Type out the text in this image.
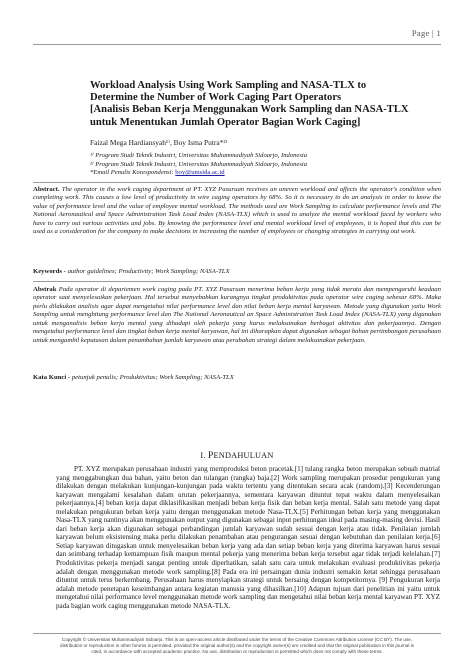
Page | 1
Workload Analysis Using Work Sampling and NASA-TLX to
Determine the Number of Work Caging Part Operators
[Analisis Beban Kerja Menggunakan Work Sampling dan NASA-TLX
untuk Menentukan Jumlah Operator Bagian Work Caging]
Faizal Mega Hardiansyah¹⁾, Boy Isma Putra*²⁾
¹⁾ Program Studi Teknik Industri, Universitas Muhammadiyah Sidoarjo, Indonesia
²⁾ Program Studi Teknik Industri, Universitas Muhammadiyah Sidoarjo, Indonesia
*Email Penulis Korespondensi: boy@umsida.ac.id
Abstract. The operator in the work caging department at PT. XYZ Pasuruan receives an uneven workload and affects the operator's condition when completing work. This causes a low level of productivity in wire caging operators by 68%. So it is necessary to do an analysis in order to know the value of performance level and the value of employee mental workload. The methods used are Work Sampling to calculate performance levels and The National Aeronautical and Space Administration Task Load Index (NASA-TLX) which is used to analyze the mental workload faced by workers who have to carry out various activities and jobs. By knowing the performance level and mental workload level of employees, it is hoped that this can be used as a consideration for the company to make decisions in increasing the number of employees or changing strategies in carrying out work.
Keywords - author guidelines; Productivity; Work Sampling; NASA-TLX
Abstrak Pada operator di departemen work caging pada PT. XYZ Pasuruan menerima beban kerja yang tidak merata dan mempengaruhi keadaan operator saat menyelesaikan pekerjaan. Hal tersebut menyebabkan kurangnya tingkat produktivitas pada operator wire caging sebesar 68%. Maka perlu dilakukan analisis agar dapat mengetahui nilai performance level dan nilai beban kerja mental karyawan. Metode yang digunakan yaitu Work Sampling untuk menghitung performance level dan The National Aeronautical an Space Administration Task Load Index (NASA-TLX) yang digunakan untuk menganalisis beban kerja mental yang dihadapi oleh pekerja yang harus melaksanakan berbagai aktivitas dan pekerjaannya. Dengan mengetahui performance level dan tingkat beban kerja mental karyawan, hal ini diharapkan dapat digunakan sebagai bahan pertimbangan perusahaan untuk mengambil keputusan dalam penambahan jumlah karyawan atau perubahan strategi dalam melaksanakan pekerjaan.
Kata Kunci - petunjuk penulis; Produktivitas; Work Sampling; NASA-TLX
I. PENDAHULUAN

PT. XYZ merupakan perusahaan industri yang memproduksi beton pracetak.[1] tulang rangka beton merupakan sebuah matrial yang menggabungkan dua bahan, yaitu beton dan tulangan (rangka) baja.[2] Work sampling merupakan prosedur pengukuran yang dilakukan dengan melakukan kunjungan-kunjungan pada waktu tertentu yang ditentukan secara acak (random).[3] Kecenderungan karyawan mengalami kesalahan dalam urutan pekerjaannya, sementara karyawan dituntut tepat waktu dalam menyelesaikan pekerjaannya.[4] beban kerja dapat diklasifikasikan menjadi beban kerja fisik dan beban kerja mental. Salah satu metode yang dapat melakukan pengukuran beban kerja yaitu dengan menggunakan metode Nasa-TLX.[5] Perhitungan beban kerja yang menggunakan Nasa-TLX yang nantinya akan menggunakan output yang digunakan sebagai input perhitungan ideal pada masing-masing devisi. Hasil dari beban kerja akan digunakan sebagai perbandingan jumlah karyawan sudah sesuai dengan kerja atau tidak. Penilaian jumlah karyawan belum eksistensing maka perlu dilakukan penambahan atau pengurangan sesuai dengan kebutuhan dan penilaian kerja.[6] Setiap karyawan ditugaskan untuk menyelesaikan beban kerja yang ada dan setiap beban kerja yang diterima karyawan harus sesuai dan seimbang terhadap kemampuan fisik maupun mental pekerja yang menerima beban kerja tersebut agar tidak terjadi kelelahan.[7] Produktivitas pekerja menjadi sangat penting untuk diperhatikan, salah satu cara untuk melakukan evaluasi produktivitas pekerja adalah dengan menggunakan metode work sampling.[8] Pada era ini persaingan dunia industri semakin ketat sehingga perusahaan dituntut untuk terus berkembang. Perusahaan harus menyiapkan strategi untuk bersaing dengan kompetitornya. [9] Pengukuran kerja adalah metode penetapan keseimbangan antara kegiatan manusia yang dihasilkan.[10] Adapun tujuan dari penelitian ini yaitu untuk mengetahui nilai performance level menggunakan metode work sampling dan mengetahui nilai beban kerja mental karyawan PT. XYZ pada bagian work caging menggunakan metode NASA-TLX.

Copyright © Universitas Muhammadiyah Sidoarjo. This is an open-access article distributed under the terms of the Creative Commons Attribution License (CC BY). The use, distribution or reproduction in other forums is permitted, provided the original author(s) and the copyright owner(s) are credited and that the original publication in this journal is cited, in accordance with accepted academic practice. No use, distribution or reproduction is permitted which does not comply with these terms.
